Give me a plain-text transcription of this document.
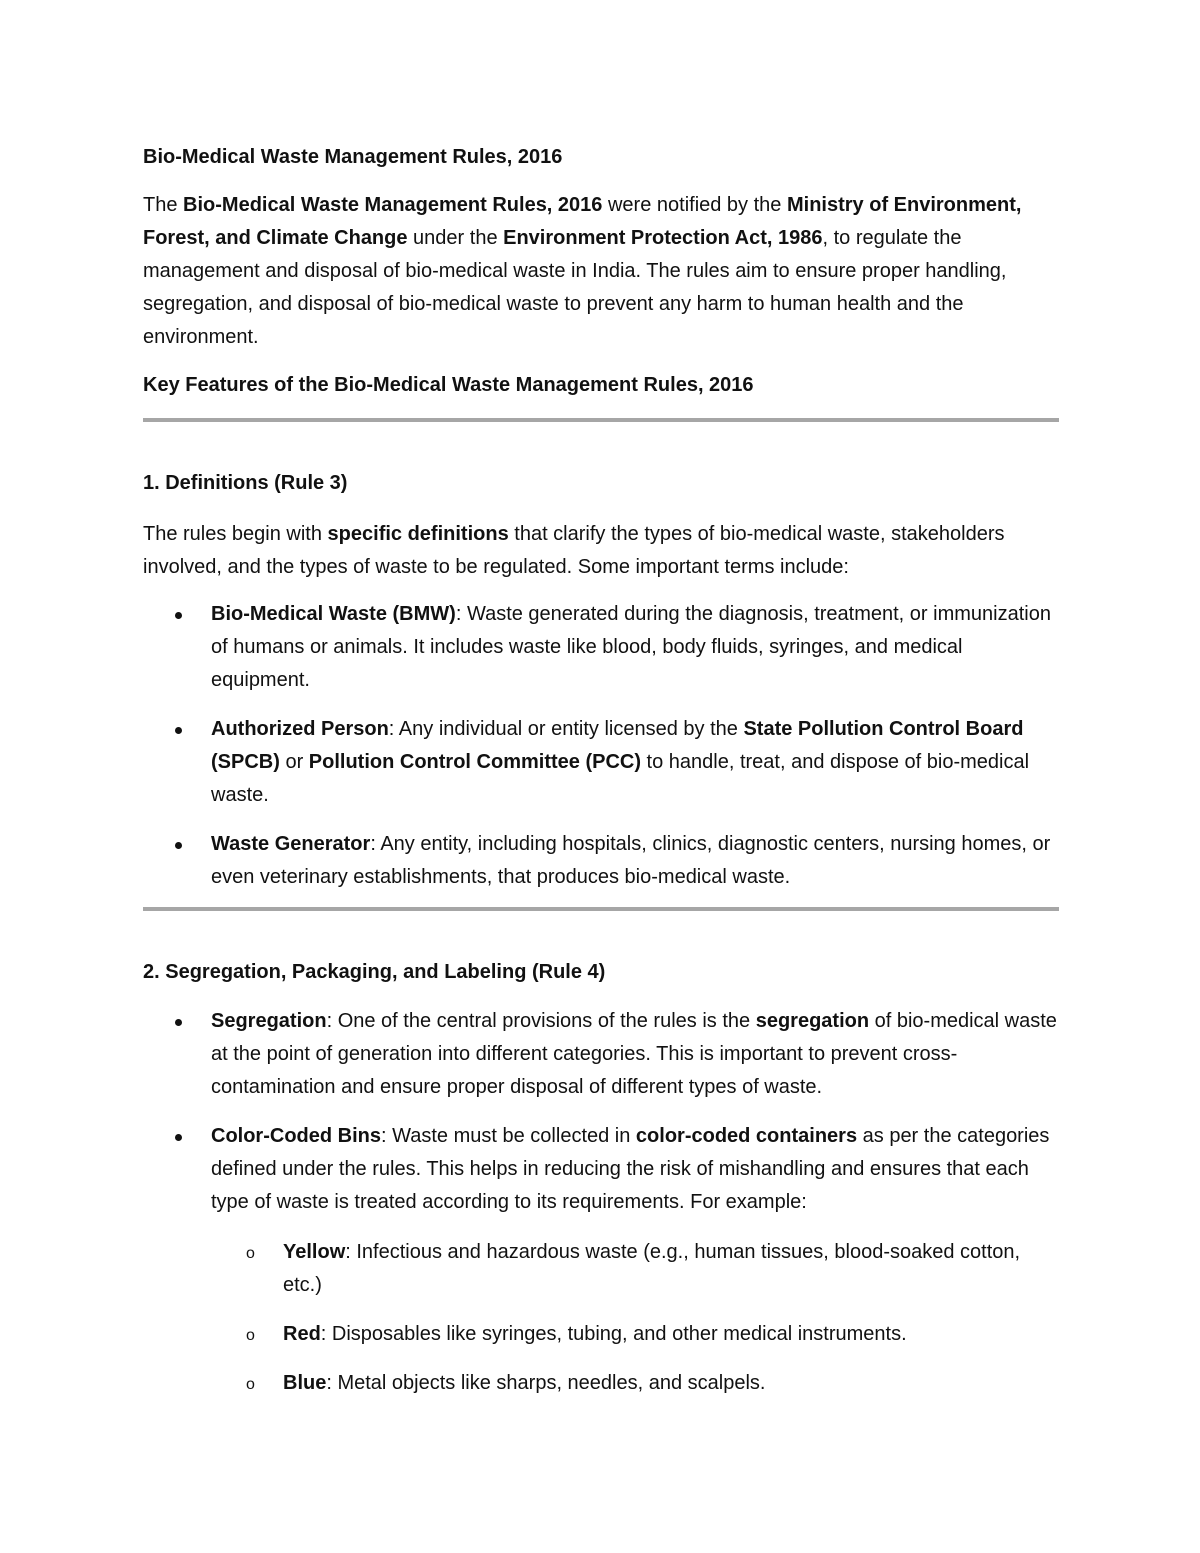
Bio-Medical Waste Management Rules, 2016

The Bio-Medical Waste Management Rules, 2016 were notified by the Ministry of Environment, Forest, and Climate Change under the Environment Protection Act, 1986, to regulate the management and disposal of bio-medical waste in India. The rules aim to ensure proper handling, segregation, and disposal of bio-medical waste to prevent any harm to human health and the environment.

Key Features of the Bio-Medical Waste Management Rules, 2016

1. Definitions (Rule 3)

The rules begin with specific definitions that clarify the types of bio-medical waste, stakeholders involved, and the types of waste to be regulated. Some important terms include:

Bio-Medical Waste (BMW): Waste generated during the diagnosis, treatment, or immunization of humans or animals. It includes waste like blood, body fluids, syringes, and medical equipment.
Authorized Person: Any individual or entity licensed by the State Pollution Control Board (SPCB) or Pollution Control Committee (PCC) to handle, treat, and dispose of bio-medical waste.
Waste Generator: Any entity, including hospitals, clinics, diagnostic centers, nursing homes, or even veterinary establishments, that produces bio-medical waste.

2. Segregation, Packaging, and Labeling (Rule 4)

Segregation: One of the central provisions of the rules is the segregation of bio-medical waste at the point of generation into different categories. This is important to prevent cross-contamination and ensure proper disposal of different types of waste.
Color-Coded Bins: Waste must be collected in color-coded containers as per the categories defined under the rules. This helps in reducing the risk of mishandling and ensures that each type of waste is treated according to its requirements. For example:
o Yellow: Infectious and hazardous waste (e.g., human tissues, blood-soaked cotton, etc.)
o Red: Disposables like syringes, tubing, and other medical instruments.
o Blue: Metal objects like sharps, needles, and scalpels.
